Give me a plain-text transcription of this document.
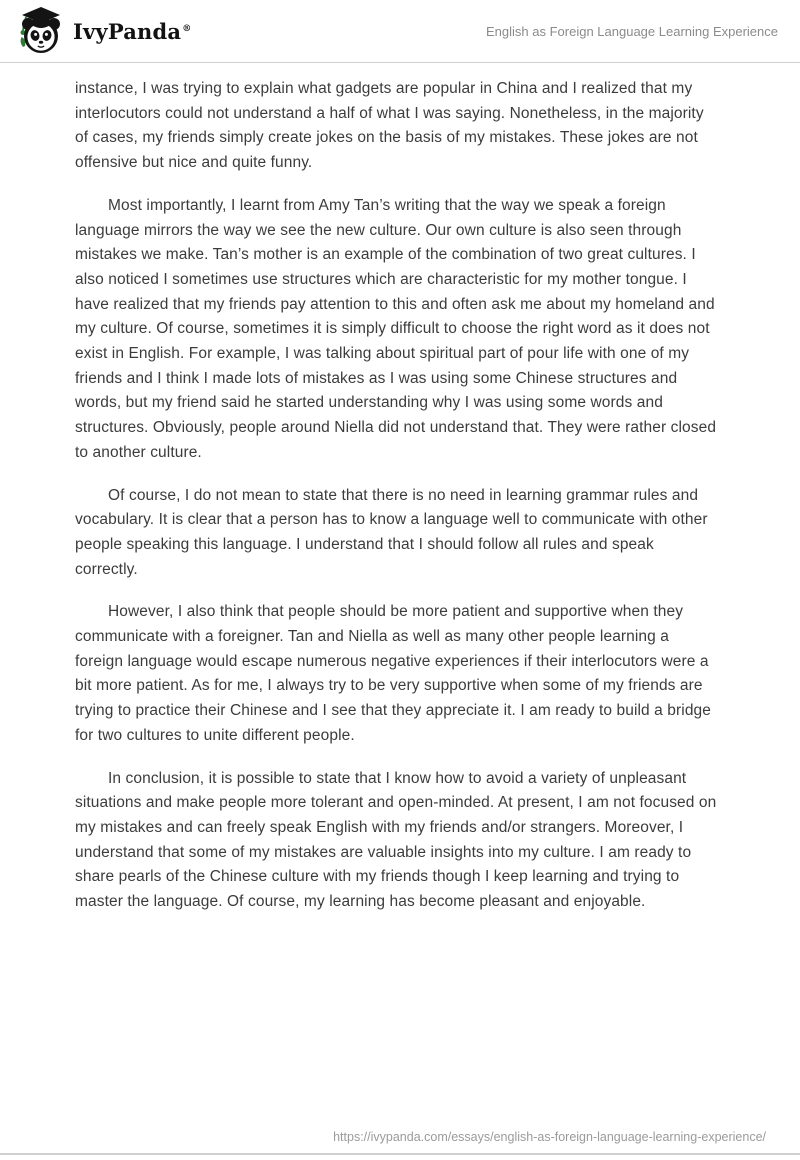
IvyPanda®	English as Foreign Language Learning Experience

instance, I was trying to explain what gadgets are popular in China and I realized that my interlocutors could not understand a half of what I was saying. Nonetheless, in the majority of cases, my friends simply create jokes on the basis of my mistakes. These jokes are not offensive but nice and quite funny.

Most importantly, I learnt from Amy Tan’s writing that the way we speak a foreign language mirrors the way we see the new culture. Our own culture is also seen through mistakes we make. Tan’s mother is an example of the combination of two great cultures. I also noticed I sometimes use structures which are characteristic for my mother tongue. I have realized that my friends pay attention to this and often ask me about my homeland and my culture. Of course, sometimes it is simply difficult to choose the right word as it does not exist in English. For example, I was talking about spiritual part of pour life with one of my friends and I think I made lots of mistakes as I was using some Chinese structures and words, but my friend said he started understanding why I was using some words and structures. Obviously, people around Niella did not understand that. They were rather closed to another culture.

Of course, I do not mean to state that there is no need in learning grammar rules and vocabulary. It is clear that a person has to know a language well to communicate with other people speaking this language. I understand that I should follow all rules and speak correctly.

However, I also think that people should be more patient and supportive when they communicate with a foreigner. Tan and Niella as well as many other people learning a foreign language would escape numerous negative experiences if their interlocutors were a bit more patient. As for me, I always try to be very supportive when some of my friends are trying to practice their Chinese and I see that they appreciate it. I am ready to build a bridge for two cultures to unite different people.

In conclusion, it is possible to state that I know how to avoid a variety of unpleasant situations and make people more tolerant and open-minded. At present, I am not focused on my mistakes and can freely speak English with my friends and/or strangers. Moreover, I understand that some of my mistakes are valuable insights into my culture. I am ready to share pearls of the Chinese culture with my friends though I keep learning and trying to master the language. Of course, my learning has become pleasant and enjoyable.

https://ivypanda.com/essays/english-as-foreign-language-learning-experience/
